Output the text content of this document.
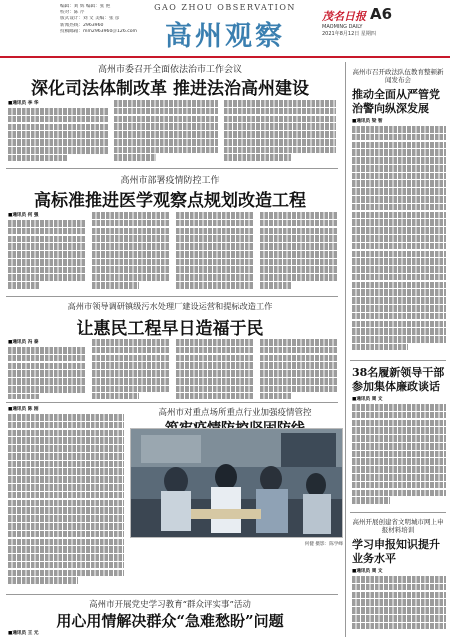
编辑：刘 辉 编辑：张 艳
校对：陈 芹
版式设计：刘 文 美编：张 彦
新闻热线：2963960
投稿邮箱：mm2963960＠126.com
GAO ZHOU OBSERVATION
高州观察
茂名日报 A6
MAOMING DAILY
2021年8月12日 星期四
高州市委召开全面依法治市工作会议
深化司法体制改革 推进法治高州建设
■通讯员 李 华
高州市部署疫情防控工作
高标准推进医学观察点规划改造工程
■通讯员 何 强
高州市领导调研镇级污水处理厂建设运营和提标改造工作
让惠民工程早日造福于民
■通讯员 冯 泰
高州市对重点场所重点行业加强疫情管控
■通讯员 陈 刚
何健 摄影：陈学峰
高州市开展党史学习教育“群众评实事”活动
用心用情解决群众“急难愁盼”问题
■通讯员 王 元
高州市召开政法队伍教育整顿新闻发布会
推动全面从严管党治警向纵深发展
■通讯员 梁 智
38名履新领导干部参加集体廉政谈话
■通讯员 周 文
高州开展创建省文明城市网上申报材料培训
学习申报知识提升业务水平
■通讯员 周 文
